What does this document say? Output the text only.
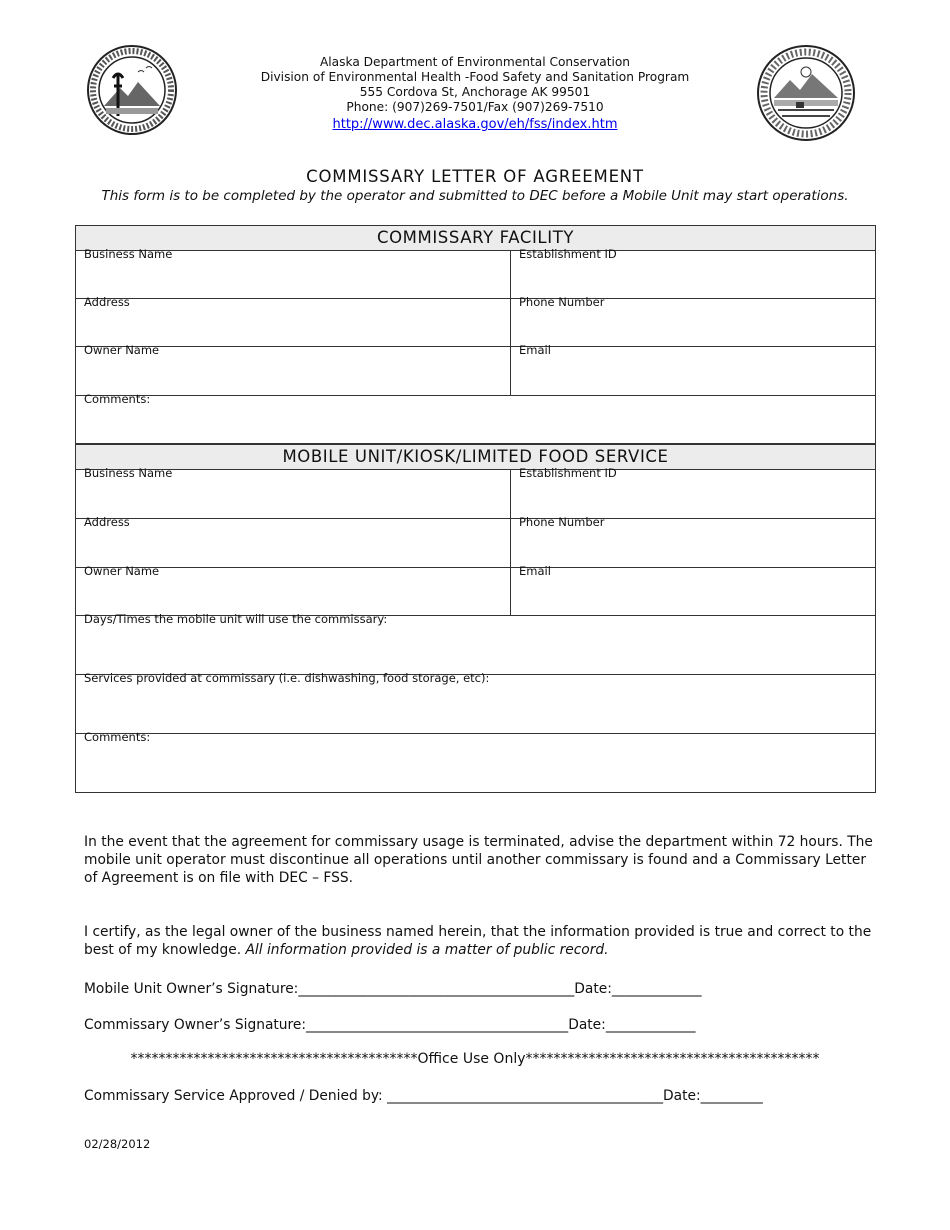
Alaska Department of Environmental Conservation
Division of Environmental Health -Food Safety and Sanitation Program
555 Cordova St, Anchorage AK 99501
Phone: (907)269-7501/Fax (907)269-7510
http://www.dec.alaska.gov/eh/fss/index.htm
COMMISSARY LETTER OF AGREEMENT
This form is to be completed by the operator and submitted to DEC before a Mobile Unit may start operations.
COMMISSARY FACILITY	

Business Name	Establishment ID

Address	Phone Number

Owner Name	Email

Comments:	
MOBILE UNIT/KIOSK/LIMITED FOOD SERVICE	

Business Name	Establishment ID

Address	Phone Number

Owner Name	Email

Days/Times the mobile unit will use the commissary:	

Services provided at commissary (i.e. dishwashing, food storage, etc):	

Comments:	
In the event that the agreement for commissary usage is terminated, advise the department within 72 hours. The mobile unit operator must discontinue all operations until another commissary is found and a Commissary Letter of Agreement is on file with DEC – FSS.
I certify, as the legal owner of the business named herein, that the information provided is true and correct to the best of my knowledge. All information provided is a matter of public record.
Mobile Unit Owner’s Signature:________________________________________Date:_____________
Commissary Owner’s Signature:______________________________________Date:_____________
*****************************************Office Use Only******************************************
Commissary Service Approved / Denied by: ________________________________________Date:_________
02/28/2012
